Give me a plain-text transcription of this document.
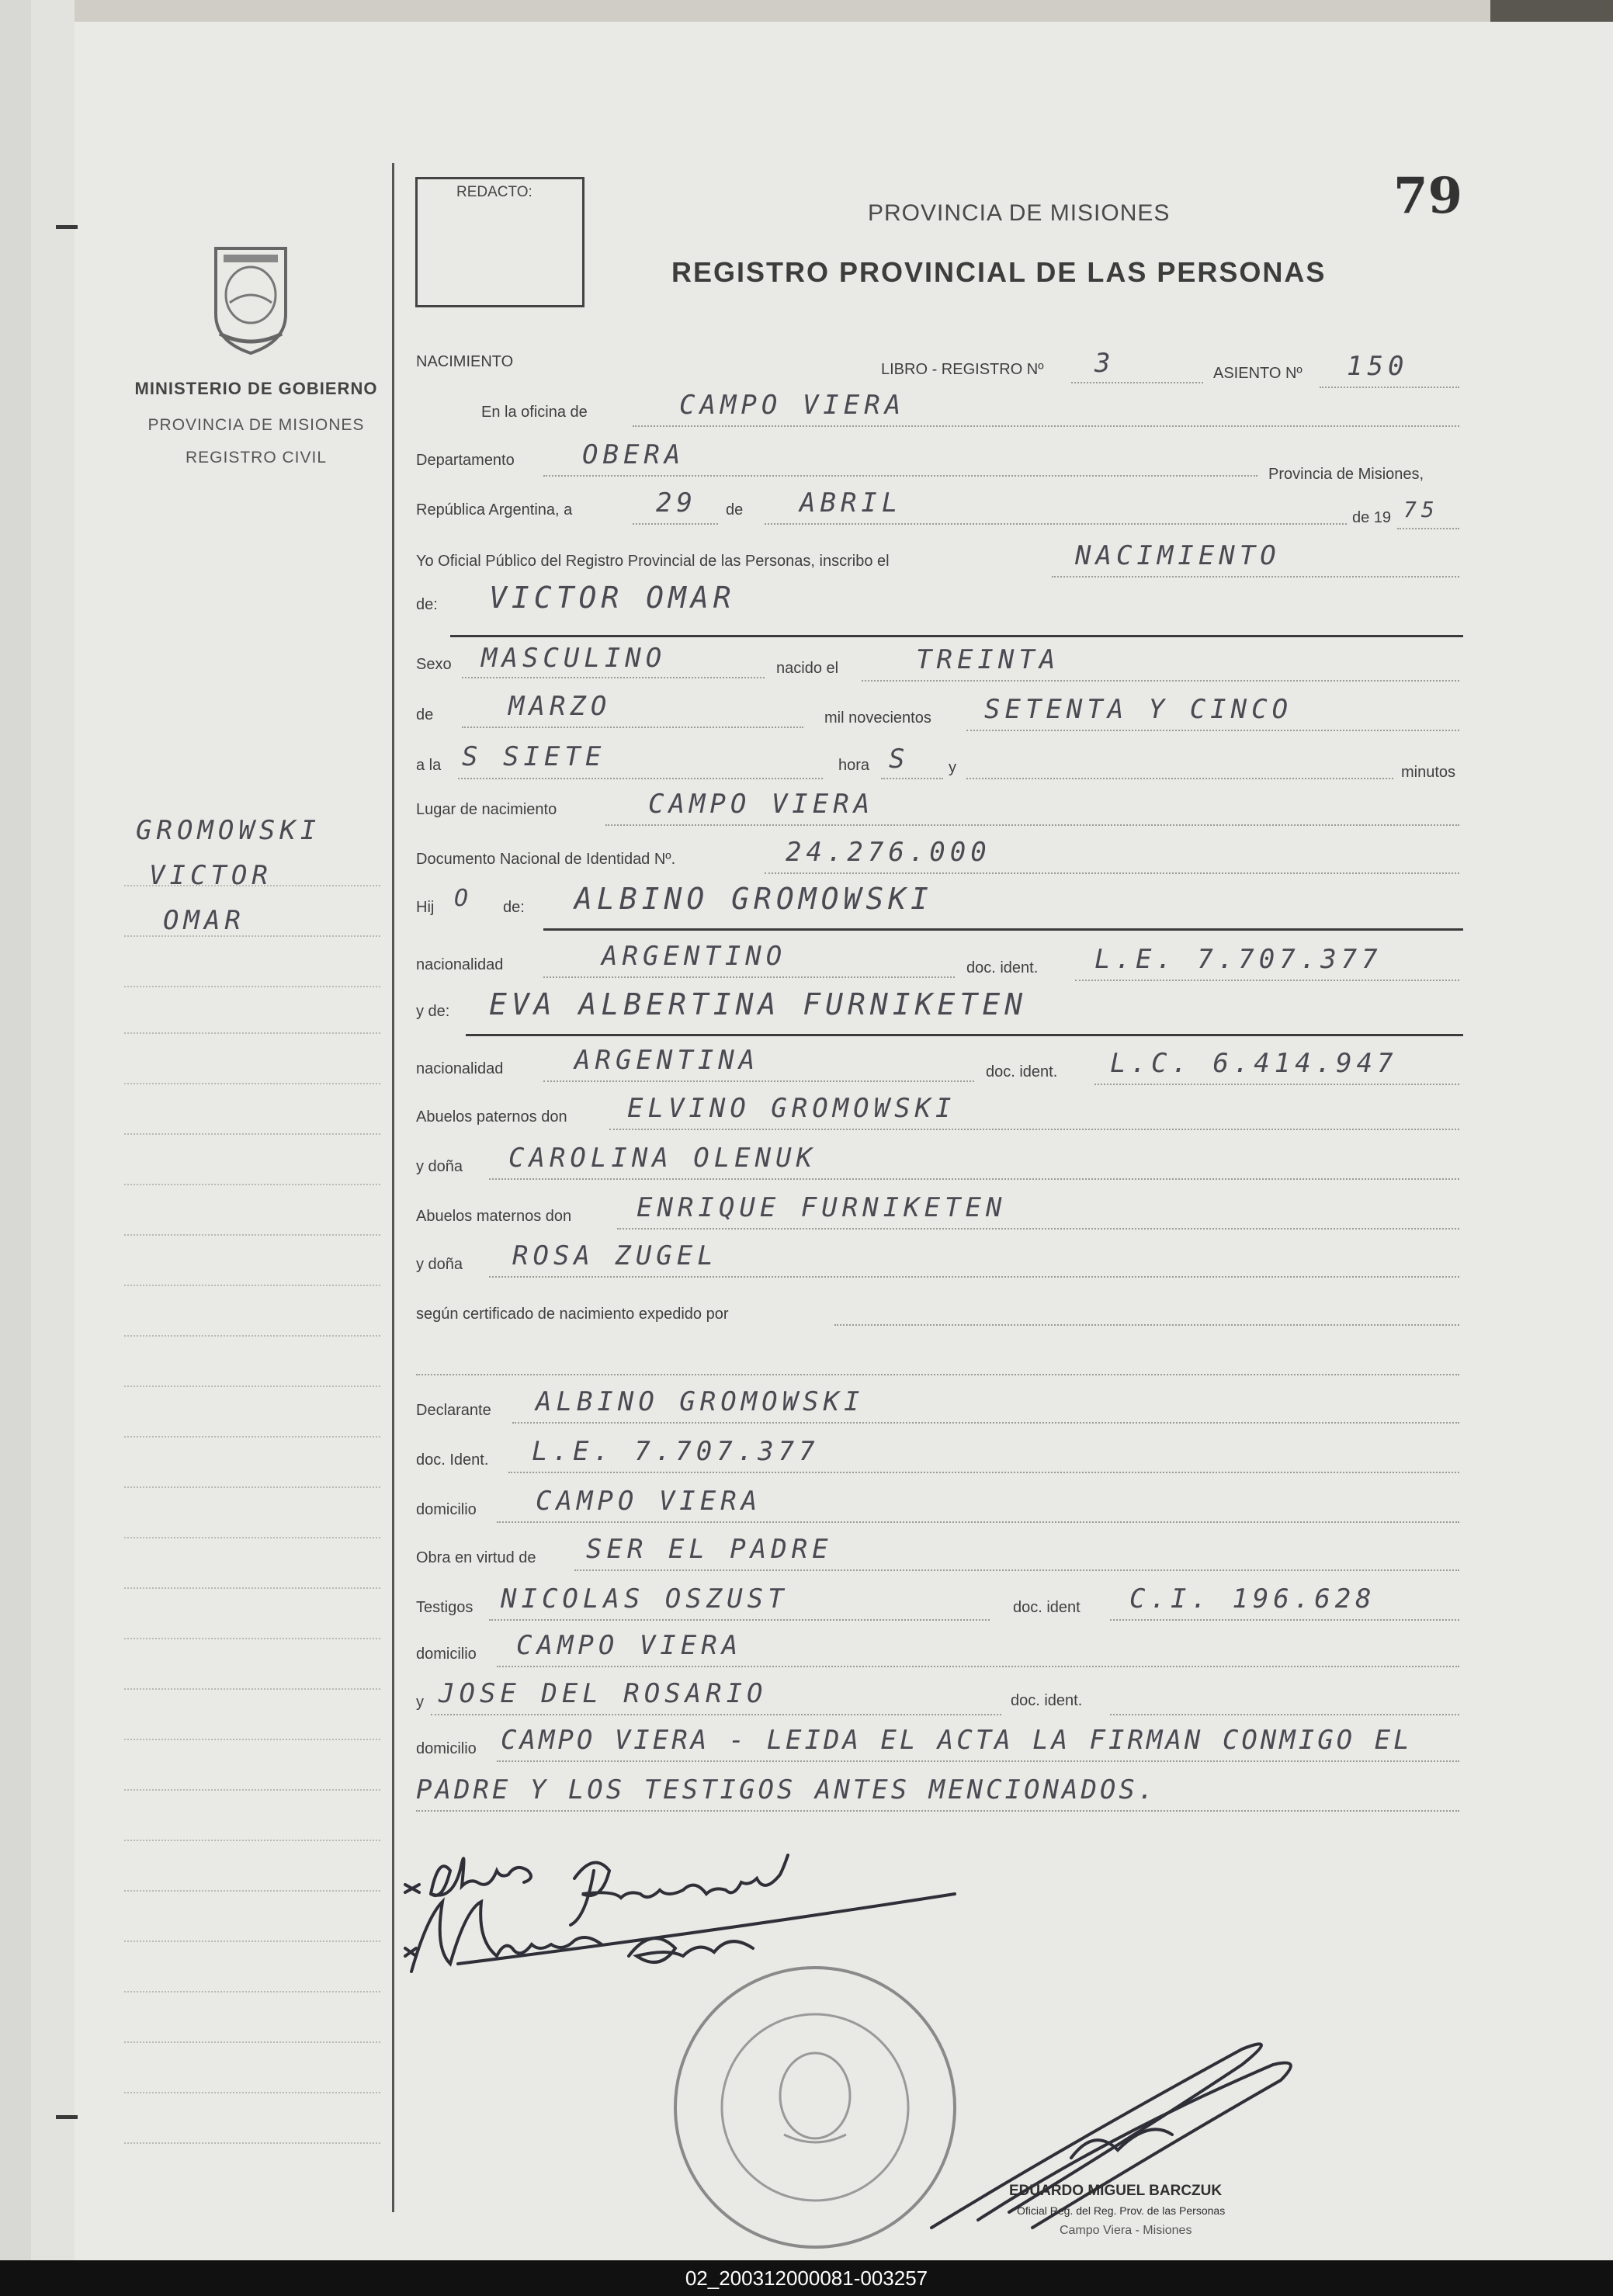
MINISTERIO DE GOBIERNO
PROVINCIA DE MISIONES
REGISTRO CIVIL
GROMOWSKI
VICTOR
OMAR
REDACTO:
PROVINCIA DE MISIONES
REGISTRO PROVINCIAL DE LAS PERSONAS
79
NACIMIENTO	LIBRO - REGISTRO Nº 3	ASIENTO Nº 150
En la oficina de	CAMPO VIERA
Departamento	OBERA
Provincia de Misiones,
República Argentina, a	29 de ABRIL	de 19 75
Yo Oficial Público del Registro Provincial de las Personas, inscribo el	NACIMIENTO
de: VICTOR OMAR
Sexo MASCULINO	nacido el	TREINTA
de	MARZO	mil novecientos SETENTA Y CINCO
a la S SIETE	hora S	y	minutos
Lugar de nacimiento	CAMPO VIERA
Documento Nacional de Identidad Nº.	24.276.000
Hij O de: ALBINO GROMOWSKI
nacionalidad	ARGENTINO	doc. ident. L.E. 7.707.377
y de: EVA ALBERTINA FURNIKETEN
nacionalidad	ARGENTINA	doc. ident. L.C. 6.414.947
Abuelos paternos don ELVINO GROMOWSKI
y doña CAROLINA OLENUK
Abuelos maternos don ENRIQUE FURNIKETEN
y doña ROSA ZUGEL
según certificado de nacimiento expedido por
Declarante ALBINO GROMOWSKI
doc. Ident. L.E. 7.707.377
domicilio CAMPO VIERA
Obra en virtud de SER EL PADRE
Testigos NICOLAS OSZUST	doc. ident C.I. 196.628
domicilio CAMPO VIERA
y JOSE DEL ROSARIO	doc. ident.
domicilio CAMPO VIERA - LEIDA EL ACTA LA FIRMAN CONMIGO EL
PADRE Y LOS TESTIGOS ANTES MENCIONADOS.
EDUARDO MIGUEL BARCZUK
Oficial Reg. del Reg. Prov. de las Personas
Campo Viera - Misiones
02_200312000081-003257
